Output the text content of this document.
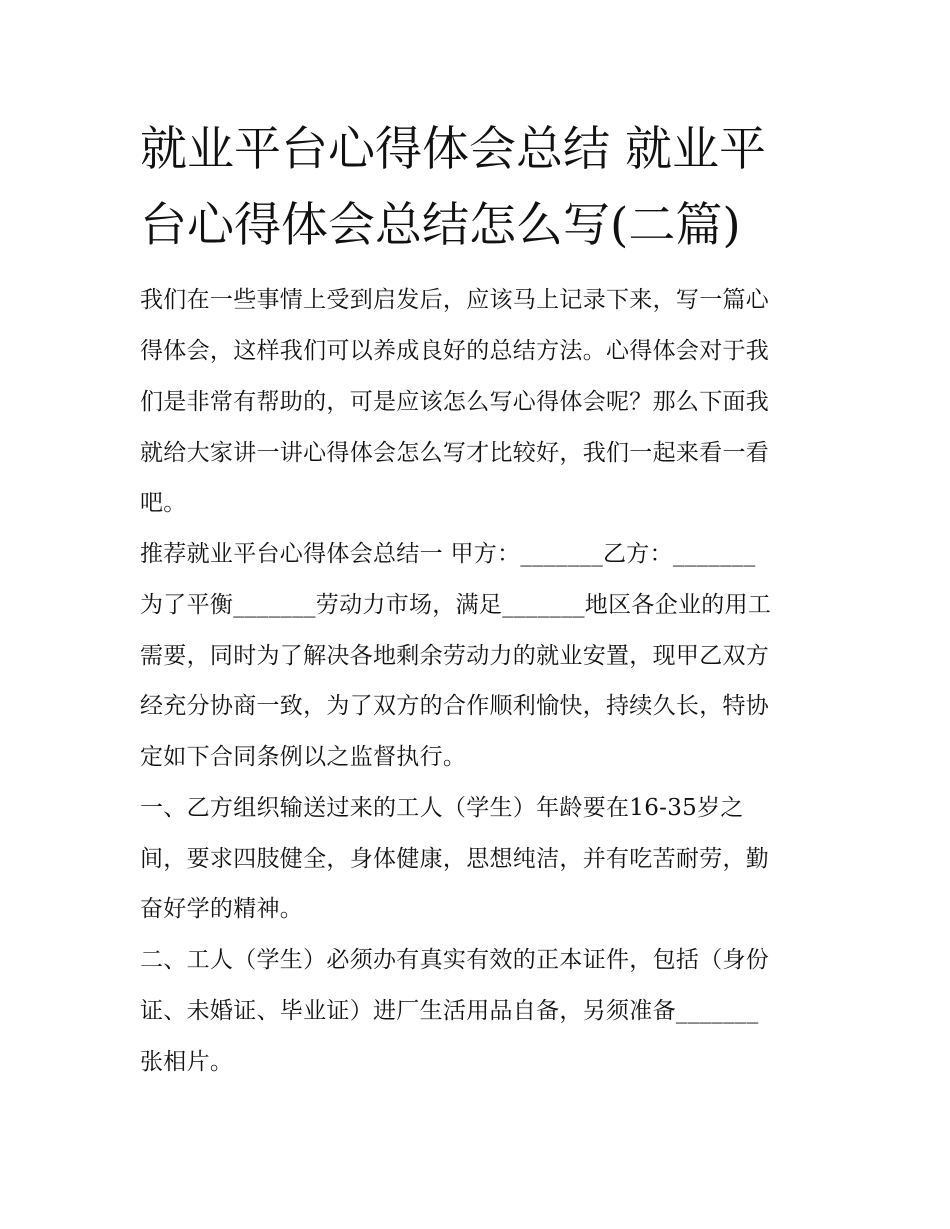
就业平台心得体会总结 就业平
台心得体会总结怎么写(二篇)
我们在一些事情上受到启发后，应该马上记录下来，写一篇心
得体会，这样我们可以养成良好的总结方法。心得体会对于我
们是非常有帮助的，可是应该怎么写心得体会呢？那么下面我
就给大家讲一讲心得体会怎么写才比较好，我们一起来看一看
吧。
推荐就业平台心得体会总结一 甲方：_______乙方：_______
为了平衡_______劳动力市场，满足_______地区各企业的用工
需要，同时为了解决各地剩余劳动力的就业安置，现甲乙双方
经充分协商一致，为了双方的合作顺利愉快，持续久长，特协
定如下合同条例以之监督执行。
一、乙方组织输送过来的工人（学生）年龄要在16-35岁之
间，要求四肢健全，身体健康，思想纯洁，并有吃苦耐劳，勤
奋好学的精神。
二、工人（学生）必须办有真实有效的正本证件，包括（身份
证、未婚证、毕业证）进厂生活用品自备，另须准备_______
张相片。
